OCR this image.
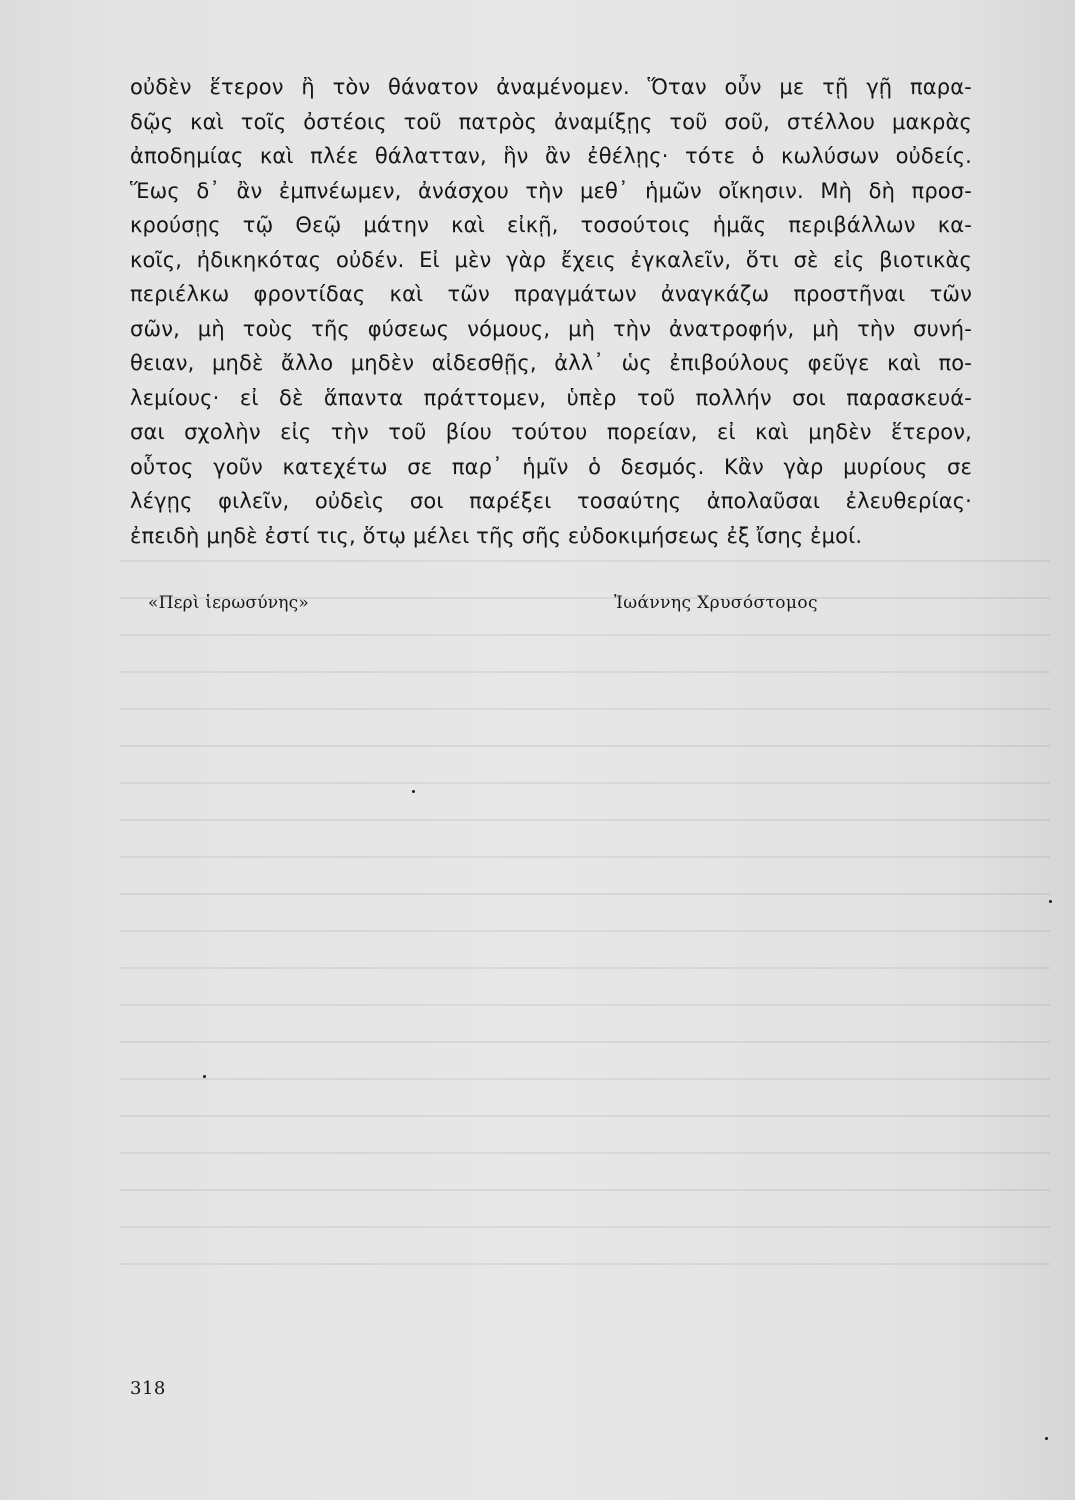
οὐδὲν ἕτερον ἢ τὸν θάνατον ἀναμένομεν. Ὅταν οὖν με τῇ γῇ παρα-
δῷς καὶ τοῖς ὀστέοις τοῦ πατρὸς ἀναμίξῃς τοῦ σοῦ, στέλλου μακρὰς
ἀποδημίας καὶ πλέε θάλατταν, ἣν ἂν ἐθέλῃς· τότε ὁ κωλύσων οὐδείς.
Ἕως δ᾽ ἂν ἐμπνέωμεν, ἀνάσχου τὴν μεθ᾽ ἡμῶν οἴκησιν. Μὴ δὴ προσ-
κρούσῃς τῷ Θεῷ μάτην καὶ εἰκῇ, τοσούτοις ἡμᾶς περιβάλλων κα-
κοῖς, ἠδικηκότας οὐδέν. Εἰ μὲν γὰρ ἔχεις ἐγκαλεῖν, ὅτι σὲ εἰς βιοτικὰς
περιέλκω φροντίδας καὶ τῶν πραγμάτων ἀναγκάζω προστῆναι τῶν
σῶν, μὴ τοὺς τῆς φύσεως νόμους, μὴ τὴν ἀνατροφήν, μὴ τὴν συνή-
θειαν, μηδὲ ἄλλο μηδὲν αἰδεσθῇς, ἀλλ᾽ ὡς ἐπιβούλους φεῦγε καὶ πο-
λεμίους· εἰ δὲ ἅπαντα πράττομεν, ὑπὲρ τοῦ πολλήν σοι παρασκευά-
σαι σχολὴν εἰς τὴν τοῦ βίου τούτου πορείαν, εἰ καὶ μηδὲν ἕτερον,
οὗτος γοῦν κατεχέτω σε παρ᾽ ἡμῖν ὁ δεσμός. Κἂν γὰρ μυρίους σε
λέγῃς φιλεῖν, οὐδεὶς σοι παρέξει τοσαύτης ἀπολαῦσαι ἐλευθερίας·
ἐπειδὴ μηδὲ ἐστί τις, ὅτῳ μέλει τῆς σῆς εὐδοκιμήσεως ἐξ ἴσης ἐμοί.
«Περὶ ἱερωσύνης»	Ἰωάννης Χρυσόστομος
318
